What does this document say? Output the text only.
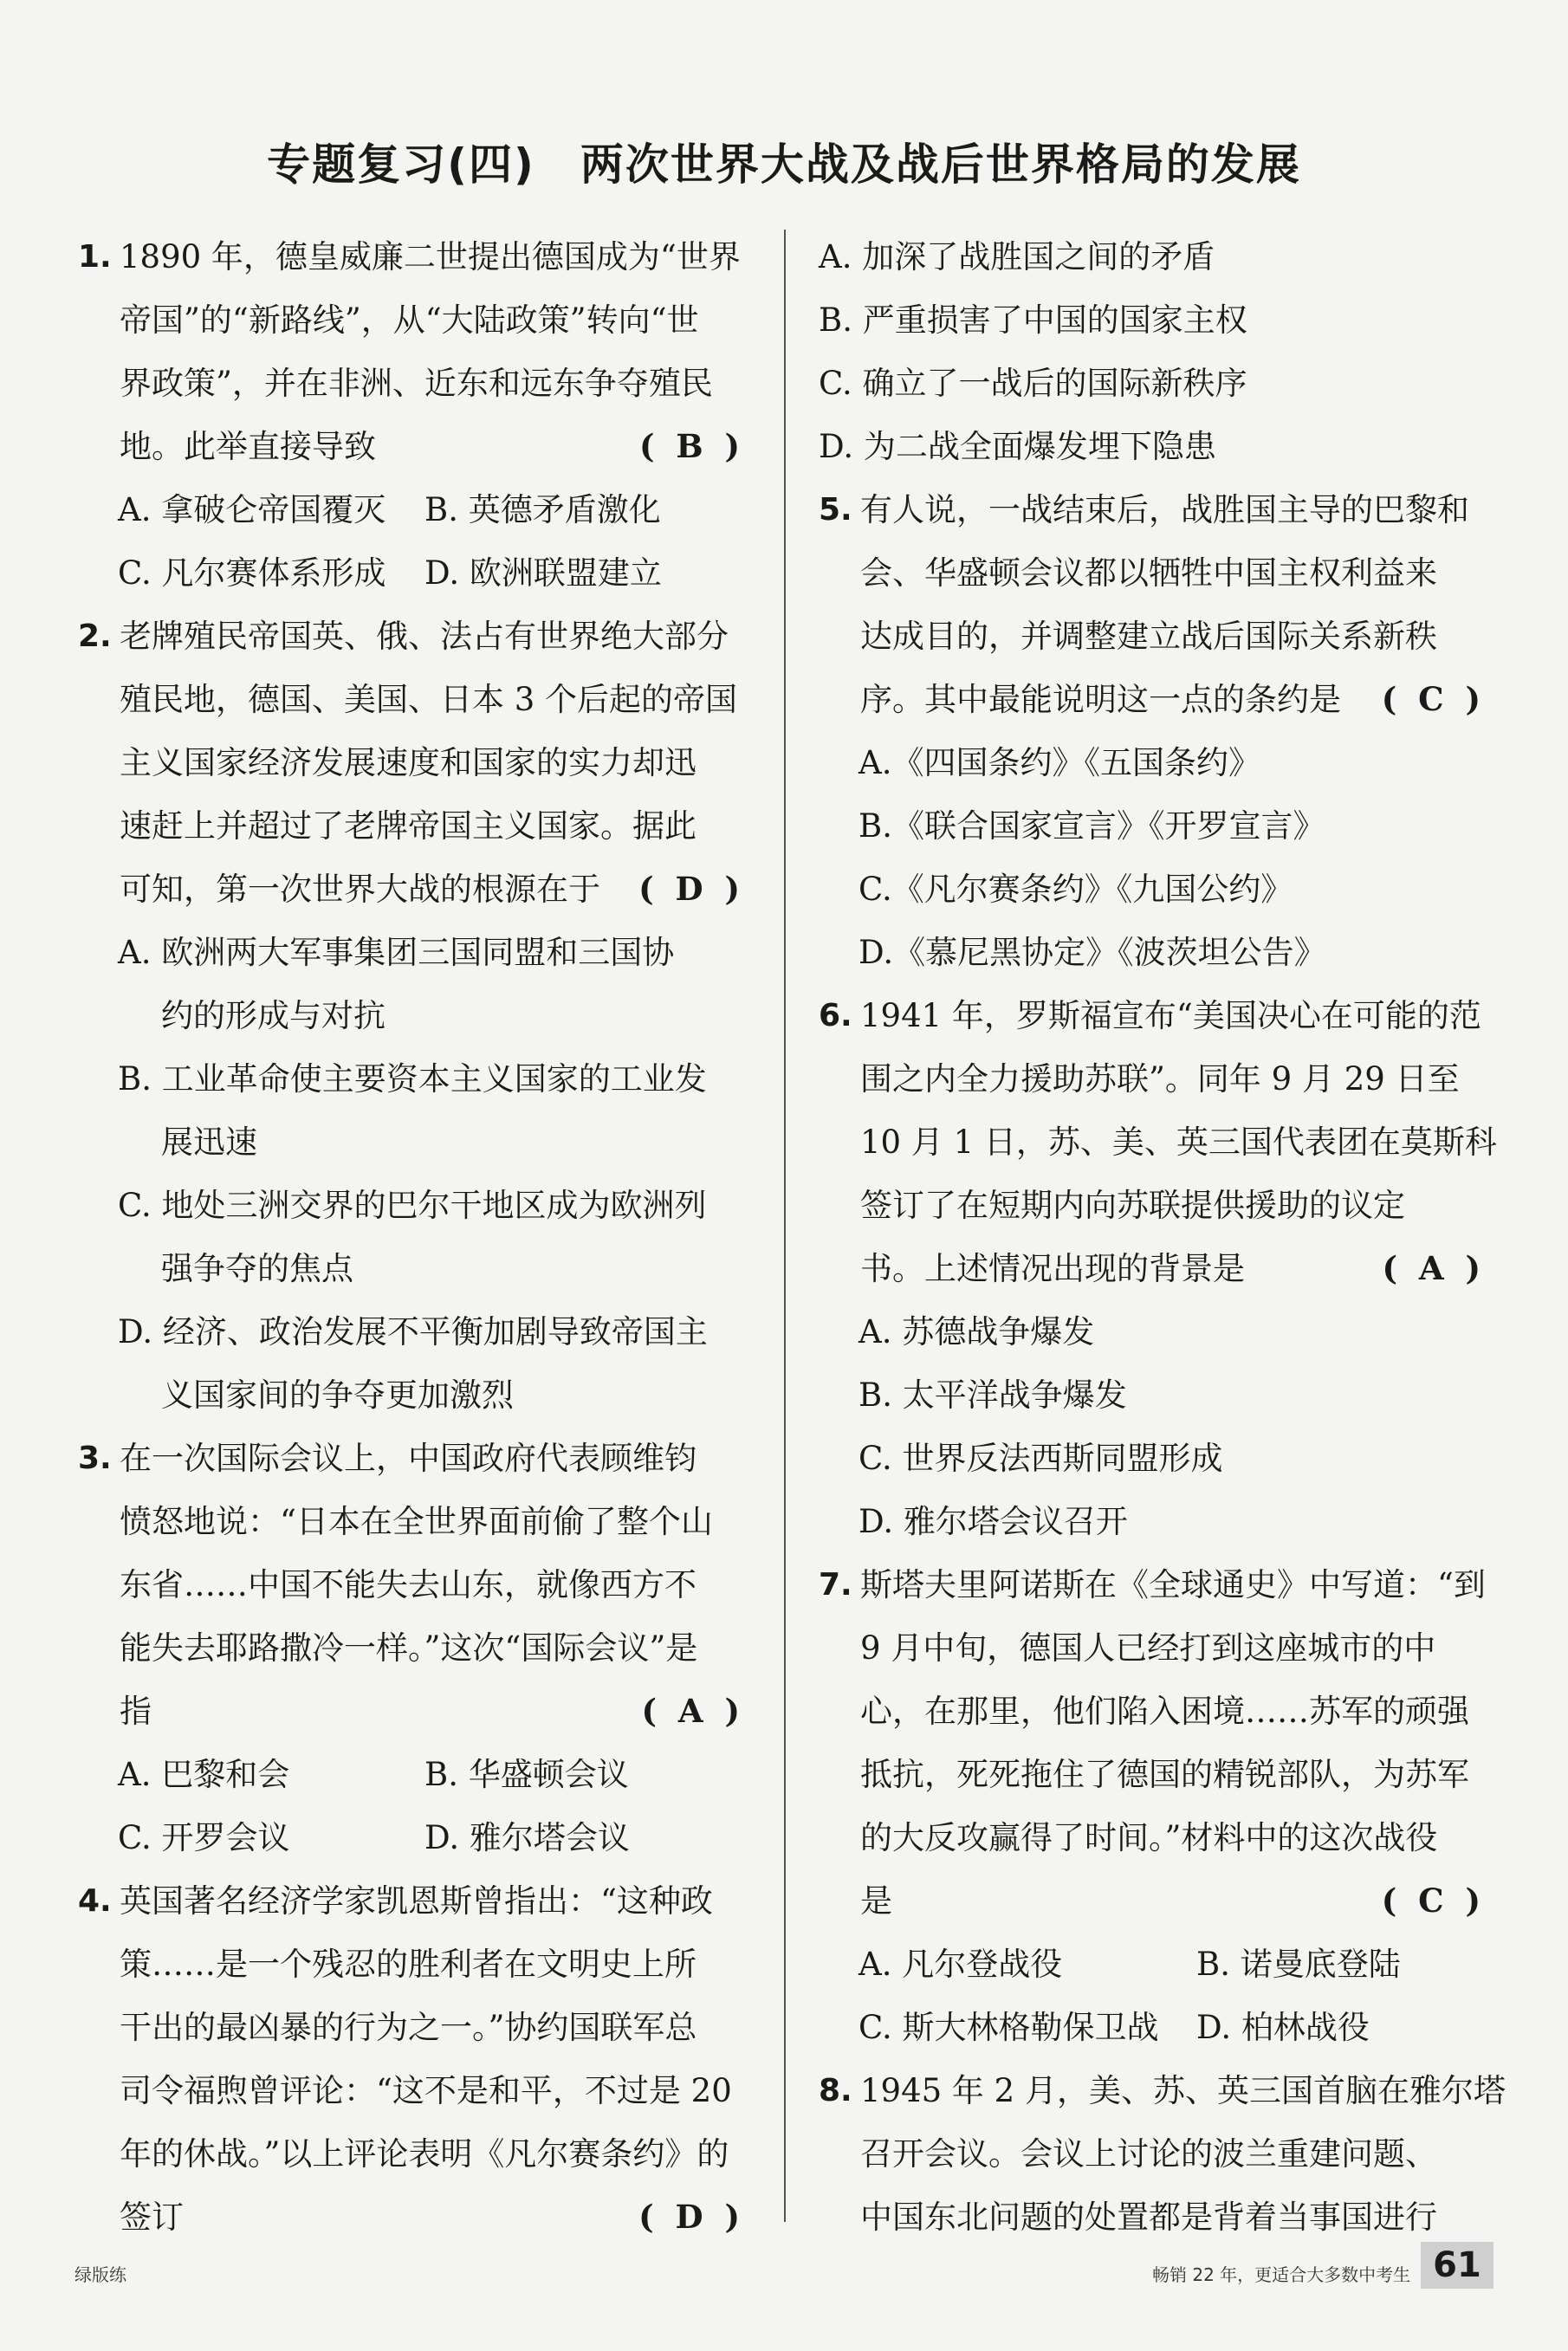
专题复习(四)　两次世界大战及战后世界格局的发展
1. 1890 年，德皇威廉二世提出德国成为“世界
帝国”的“新路线”，从“大陆政策”转向“世
界政策”，并在非洲、近东和远东争夺殖民
地。此举直接导致	( B )
A. 拿破仑帝国覆灭 B. 英德矛盾激化
C. 凡尔赛体系形成 D. 欧洲联盟建立
2. 老牌殖民帝国英、俄、法占有世界绝大部分
殖民地，德国、美国、日本 3 个后起的帝国
主义国家经济发展速度和国家的实力却迅
速赶上并超过了老牌帝国主义国家。据此
可知，第一次世界大战的根源在于 ( D )
A. 欧洲两大军事集团三国同盟和三国协
约的形成与对抗
B. 工业革命使主要资本主义国家的工业发
展迅速
C. 地处三洲交界的巴尔干地区成为欧洲列
强争夺的焦点
D. 经济、政治发展不平衡加剧导致帝国主
义国家间的争夺更加激烈
3. 在一次国际会议上，中国政府代表顾维钧
愤怒地说：“日本在全世界面前偷了整个山
东省……中国不能失去山东，就像西方不
能失去耶路撒冷一样。”这次“国际会议”是
指	( A )
A. 巴黎和会	B. 华盛顿会议
C. 开罗会议	D. 雅尔塔会议
4. 英国著名经济学家凯恩斯曾指出：“这种政
策……是一个残忍的胜利者在文明史上所
干出的最凶暴的行为之一。”协约国联军总
司令福煦曾评论：“这不是和平，不过是 20
年的休战。”以上评论表明《凡尔赛条约》的
签订	( D )
A. 加深了战胜国之间的矛盾
B. 严重损害了中国的国家主权
C. 确立了一战后的国际新秩序
D. 为二战全面爆发埋下隐患
5. 有人说，一战结束后，战胜国主导的巴黎和
会、华盛顿会议都以牺牲中国主权利益来
达成目的，并调整建立战后国际关系新秩
序。其中最能说明这一点的条约是 ( C )
A.《四国条约》《五国条约》
B.《联合国家宣言》《开罗宣言》
C.《凡尔赛条约》《九国公约》
D.《慕尼黑协定》《波茨坦公告》
6. 1941 年，罗斯福宣布“美国决心在可能的范
围之内全力援助苏联”。同年 9 月 29 日至
10 月 1 日，苏、美、英三国代表团在莫斯科
签订了在短期内向苏联提供援助的议定
书。上述情况出现的背景是	( A )
A. 苏德战争爆发
B. 太平洋战争爆发
C. 世界反法西斯同盟形成
D. 雅尔塔会议召开
7. 斯塔夫里阿诺斯在《全球通史》中写道：“到
9 月中旬，德国人已经打到这座城市的中
心，在那里，他们陷入困境……苏军的顽强
抵抗，死死拖住了德国的精锐部队，为苏军
的大反攻赢得了时间。”材料中的这次战役
是	( C )
A. 凡尔登战役	B. 诺曼底登陆
C. 斯大林格勒保卫战 D. 柏林战役
8. 1945 年 2 月，美、苏、英三国首脑在雅尔塔
召开会议。会议上讨论的波兰重建问题、
中国东北问题的处置都是背着当事国进行
绿版练	畅销 22 年，更适合大多数中考生 61
